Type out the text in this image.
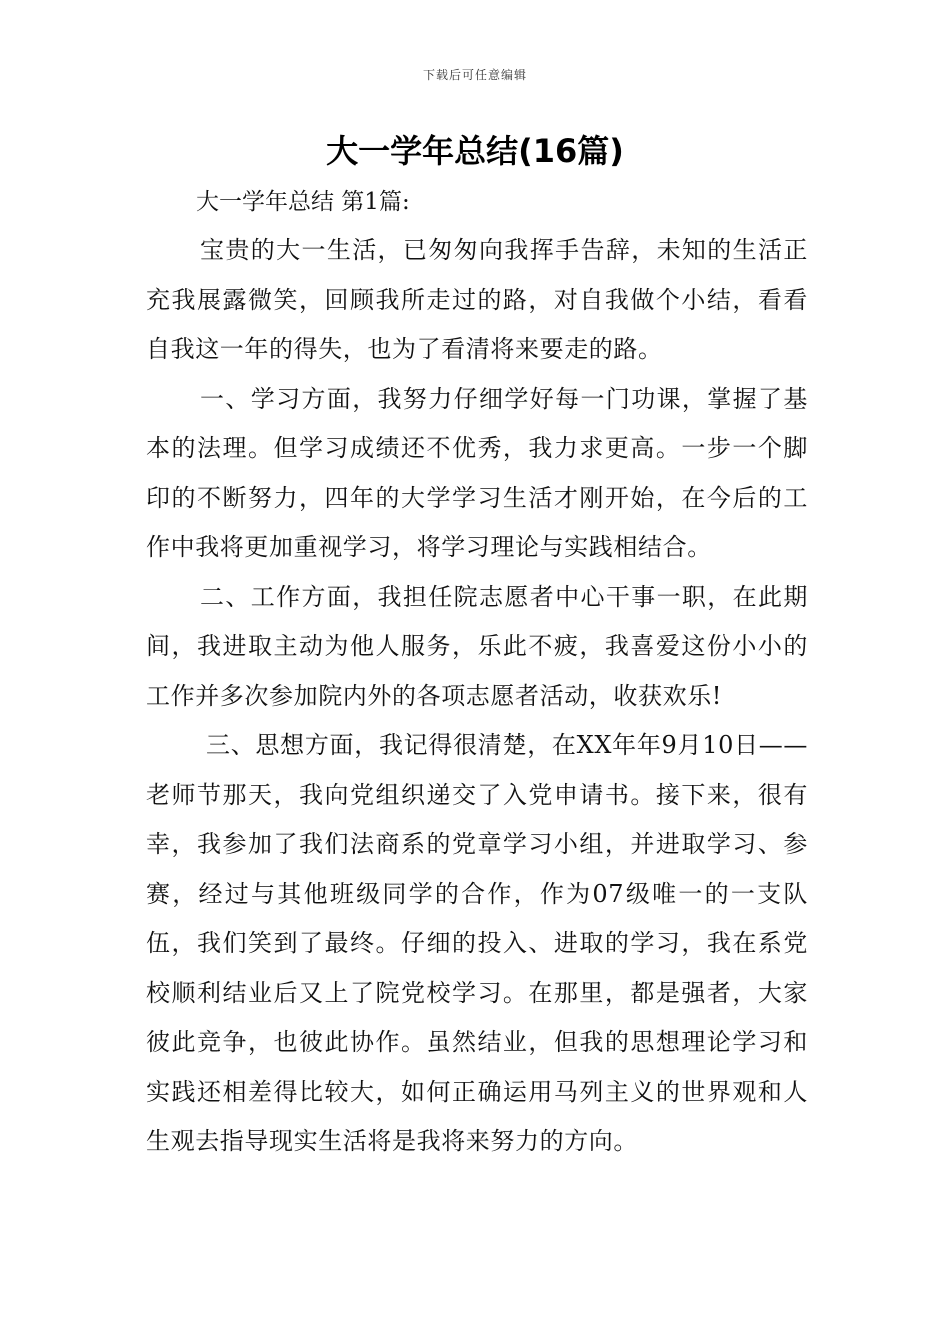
下载后可任意编辑
大一学年总结(16篇)
大一学年总结 第1篇:

宝贵的大一生活，已匆匆向我挥手告辞，未知的生活正充我展露微笑，回顾我所走过的路，对自我做个小结，看看自我这一年的得失，也为了看清将来要走的路。

一、学习方面，我努力仔细学好每一门功课，掌握了基本的法理。但学习成绩还不优秀，我力求更高。一步一个脚印的不断努力，四年的大学学习生活才刚开始，在今后的工作中我将更加重视学习，将学习理论与实践相结合。

二、工作方面，我担任院志愿者中心干事一职，在此期间，我进取主动为他人服务，乐此不疲，我喜爱这份小小的工作并多次参加院内外的各项志愿者活动，收获欢乐!

三、思想方面，我记得很清楚，在XX年年9月10日——老师节那天，我向党组织递交了入党申请书。接下来，很有幸，我参加了我们法商系的党章学习小组，并进取学习、参赛，经过与其他班级同学的合作，作为07级唯一的一支队伍，我们笑到了最终。仔细的投入、进取的学习，我在系党校顺利结业后又上了院党校学习。在那里，都是强者，大家彼此竞争，也彼此协作。虽然结业，但我的思想理论学习和实践还相差得比较大，如何正确运用马列主义的世界观和人生观去指导现实生活将是我将来努力的方向。
